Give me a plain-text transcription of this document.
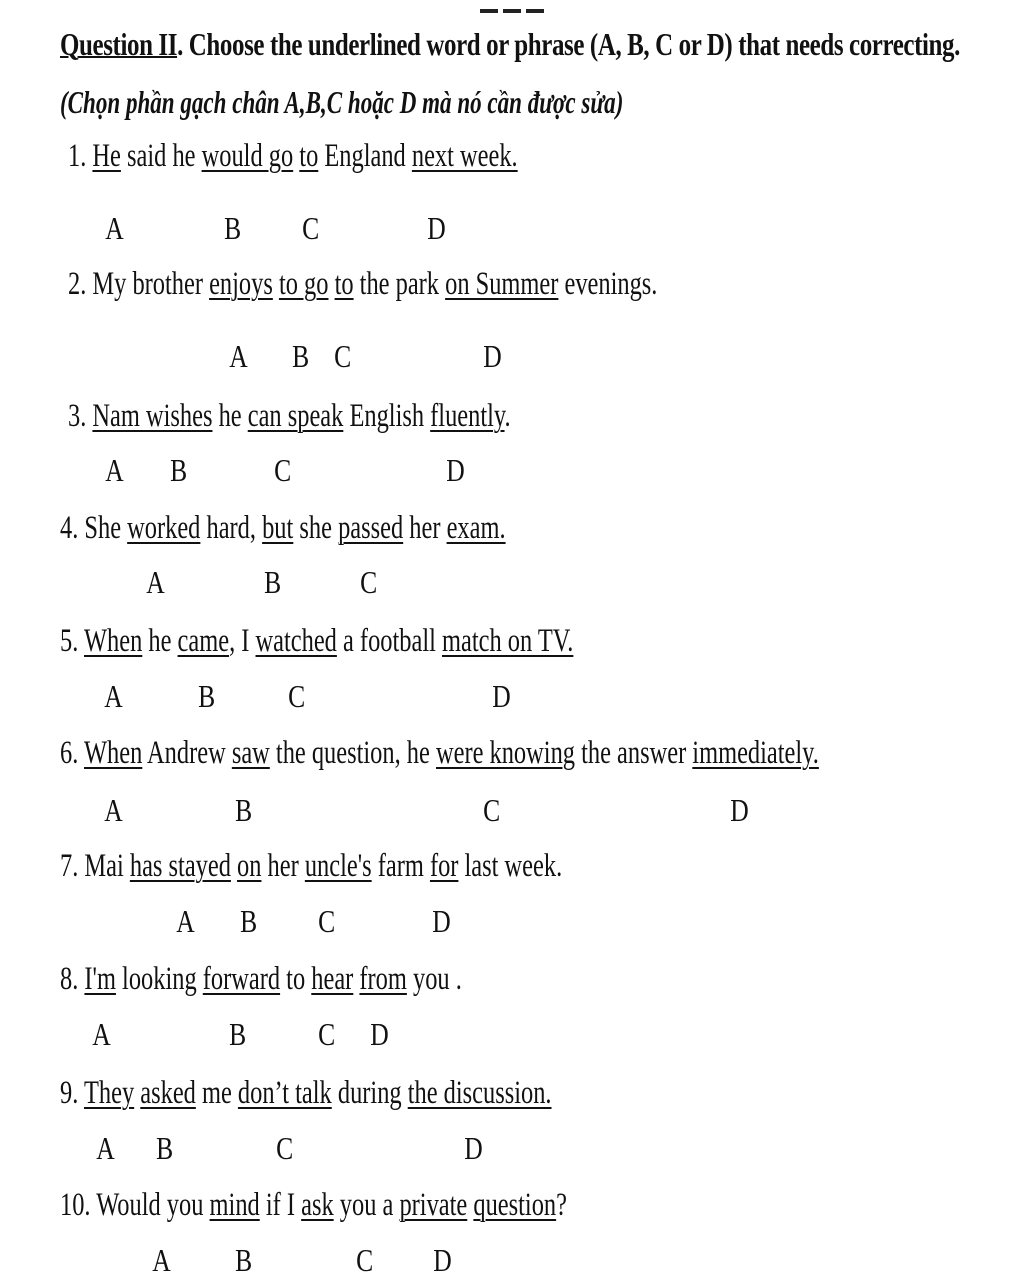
Question II. Choose the underlined word or phrase (A, B, C or D) that needs correcting.
(Chọn phần gạch chân A,B,C hoặc D mà nó cần được sửa)
1. He said he would go to England next week.
A	B C	D
2. My brother enjoys to go to the park on Summer evenings.
A B C	D
3. Nam wishes he can speak English fluently.
A B	C	D
4. She worked hard, but she passed her exam.
A	B C
5. When he came, I watched a football match on TV.
A B C	D
6. When Andrew saw the question, he were knowing the answer immediately.
A	B	C	D
7. Mai has stayed on her uncle's farm for last week.
A B C	D
8. I'm looking forward to hear from you .
A	B C D
9. They asked me don’t talk during the discussion.
A B	C	D
10. Would you mind if I ask you a private question?
A B	C D
